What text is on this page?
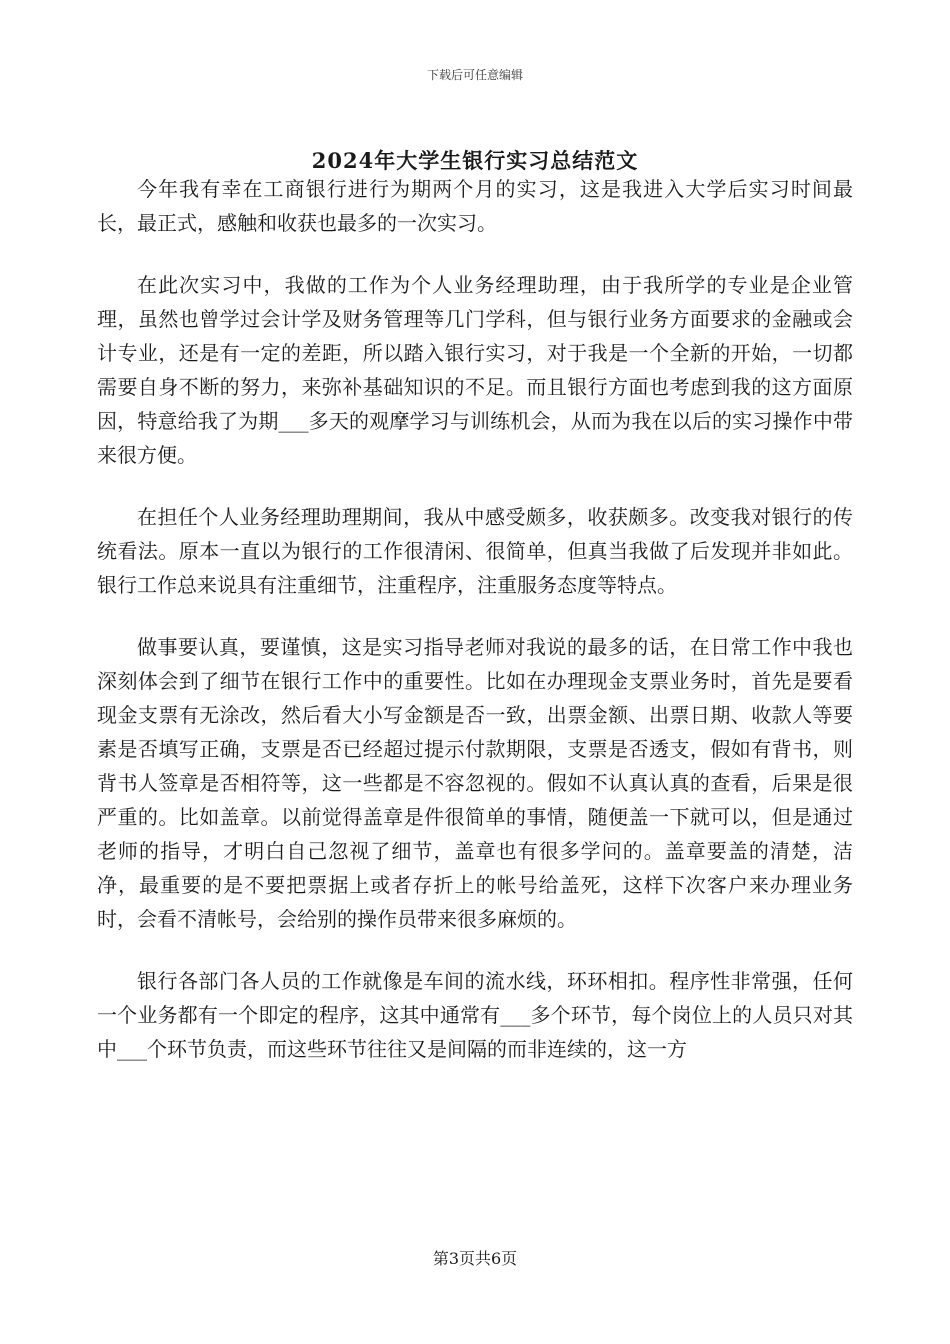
下载后可任意编辑
2024年大学生银行实习总结范文

今年我有幸在工商银行进行为期两个月的实习，这是我进入大学后实习时间最长，最正式，感触和收获也最多的一次实习。

在此次实习中，我做的工作为个人业务经理助理，由于我所学的专业是企业管理，虽然也曾学过会计学及财务管理等几门学科，但与银行业务方面要求的金融或会计专业，还是有一定的差距，所以踏入银行实习，对于我是一个全新的开始，一切都需要自身不断的努力，来弥补基础知识的不足。而且银行方面也考虑到我的这方面原因，特意给我了为期___多天的观摩学习与训练机会，从而为我在以后的实习操作中带来很方便。

在担任个人业务经理助理期间，我从中感受颇多，收获颇多。改变我对银行的传统看法。原本一直以为银行的工作很清闲、很简单，但真当我做了后发现并非如此。银行工作总来说具有注重细节，注重程序，注重服务态度等特点。

做事要认真，要谨慎，这是实习指导老师对我说的最多的话，在日常工作中我也深刻体会到了细节在银行工作中的重要性。比如在办理现金支票业务时，首先是要看现金支票有无涂改，然后看大小写金额是否一致，出票金额、出票日期、收款人等要素是否填写正确，支票是否已经超过提示付款期限，支票是否透支，假如有背书，则背书人签章是否相符等，这一些都是不容忽视的。假如不认真认真的查看，后果是很严重的。比如盖章。以前觉得盖章是件很简单的事情，随便盖一下就可以，但是通过老师的指导，才明白自己忽视了细节，盖章也有很多学问的。盖章要盖的清楚，洁净，最重要的是不要把票据上或者存折上的帐号给盖死，这样下次客户来办理业务时，会看不清帐号，会给别的操作员带来很多麻烦的。

银行各部门各人员的工作就像是车间的流水线，环环相扣。程序性非常强，任何一个业务都有一个即定的程序，这其中通常有___多个环节，每个岗位上的人员只对其中___个环节负责，而这些环节往往又是间隔的而非连续的，这一方

第3页共6页
